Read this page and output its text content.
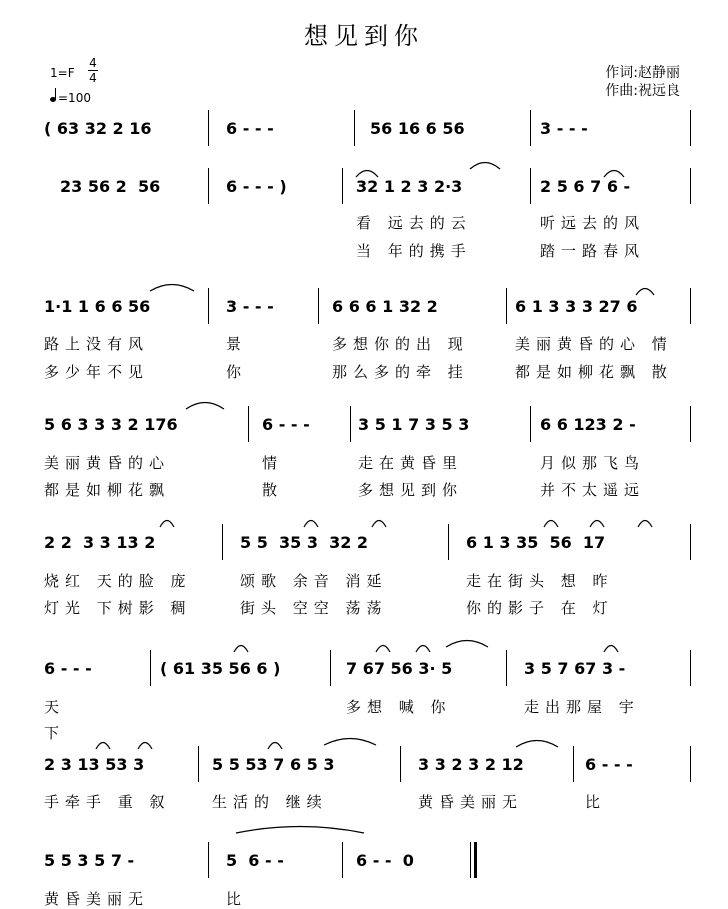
想见到你
1=F
4
4
=100
作词:赵静丽
作曲:祝远良
( 63 32 2 16	6 - - -	56 16 6 56	3 - - -
23 56 2  56	6 - - - )	32 1 2 3 2·3	2 5 6 7 6 -
看 远去的云	听远去的风
当 年的携手	踏一路春风
1·1 1 6 6 56	3 - - -	6 6 6 1 32 2	6 1 3 3 3 27 6
路上没有风	景	多想你的出 现	美丽黄昏的心 情
多少年不见	你	那么多的牵 挂	都是如柳花飘 散
5 6 3 3 3 2 176	6 - - -	3 5 1 7 3 5 3	6 6 123 2 -
美丽黄昏的心	情	走在黄昏里	月似那飞鸟
都是如柳花飘	散	多想见到你	并不太遥远
2 2  3 3 13 2	5 5  35 3  32 2	6 1 3 35  56  17
烧红 天的脸 庞	颂歌 余音 消延	走在街头 想 昨
灯光 下树影 稠	街头 空空 荡荡	你的影子 在 灯
6 - - -	( 61 35 56 6 )	7 67 56 3· 5	3 5 7 67 3 -
天	多想 喊 你	走出那屋 宇
下
2 3 13 53 3	5 5 53 7 6 5 3	3 3 2 3 2 12	6 - - -
手牵手 重 叙	生活的 继续	黄昏美丽无	比
5 5 3 5 7 -	5  6 - -	6 - -  0
黄昏美丽无	比
